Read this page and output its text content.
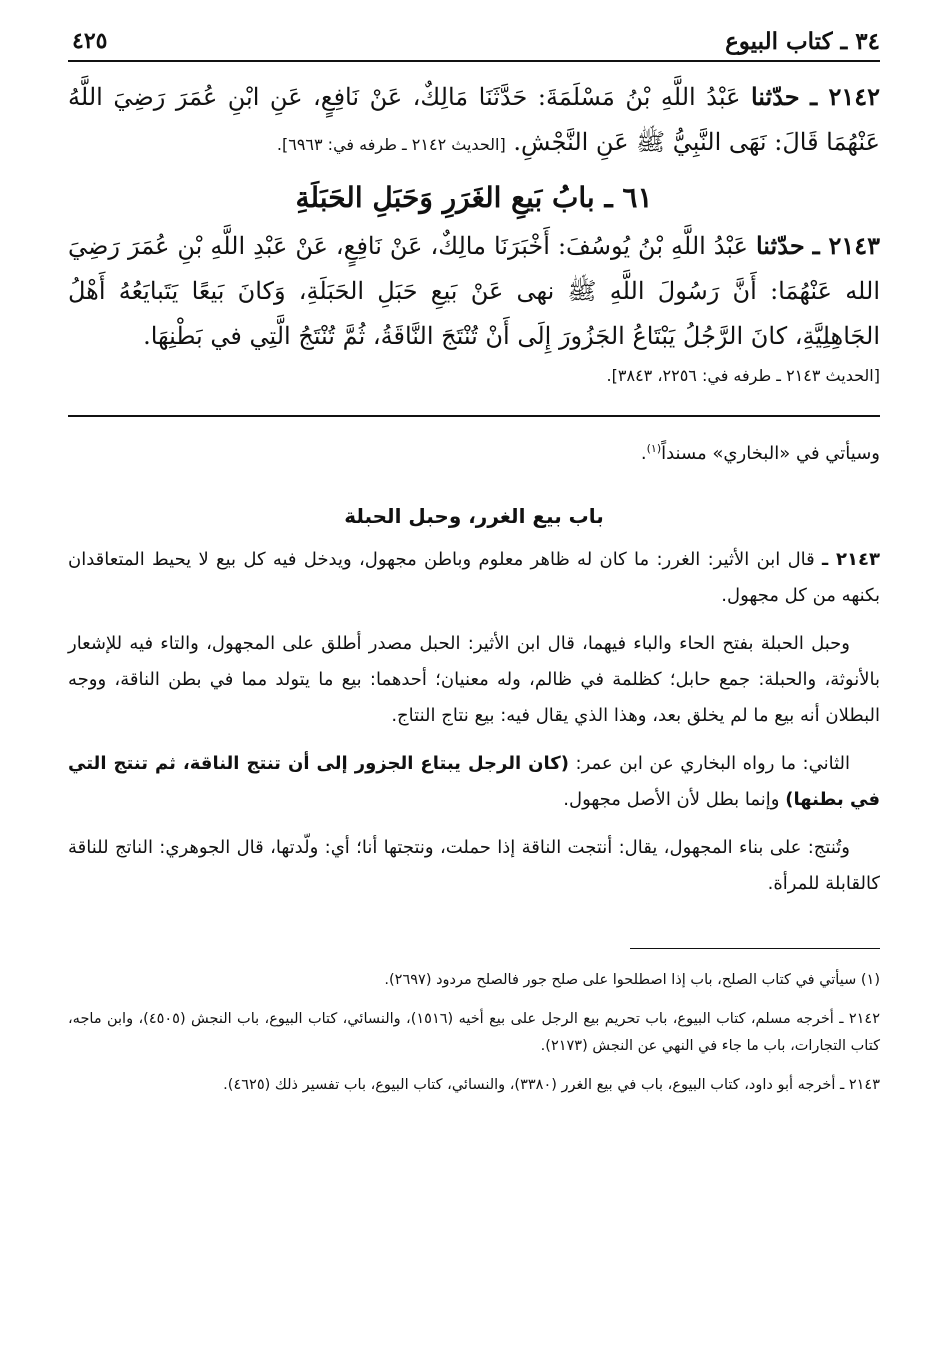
٣٤ ـ كتاب البيوع
٤٢٥

٢١٤٢ ـ حدّثنا عَبْدُ اللَّهِ بْنُ مَسْلَمَةَ: حَدَّثَنَا مَالِكٌ، عَنْ نَافِعٍ، عَنِ ابْنِ عُمَرَ رَضِيَ اللَّهُ عَنْهُمَا قَالَ: نَهَى النَّبِيُّ ﷺ عَنِ النَّجْشِ. [الحديث ٢١٤٢ ـ طرفه في: ٦٩٦٣].

٦١ ـ بابُ بَيعِ الغَرَرِ وَحَبَلِ الحَبَلَةِ

٢١٤٣ ـ حدّثنا عَبْدُ اللَّهِ بْنُ يُوسُفَ: أَخْبَرَنَا مالِكٌ، عَنْ نَافِعٍ، عَنْ عَبْدِ اللَّهِ بْنِ عُمَرَ رَضِيَ الله عَنْهُمَا: أَنَّ رَسُولَ اللَّهِ ﷺ نهى عَنْ بَيعِ حَبَلِ الحَبَلَةِ، وَكانَ بَيعًا يَتَبايَعُهُ أَهْلُ الجَاهِلِيَّةِ، كانَ الرَّجُلُ يَبْتَاعُ الجَزُورَ إِلَى أَنْ تُنْتَجَ النَّاقَةُ، ثُمَّ تُنْتَجُ الَّتِي في بَطْنِهَا.

[الحديث ٢١٤٣ ـ طرفه في: ٢٢٥٦، ٣٨٤٣].

وسيأتي في «البخاري» مسنداً$^{(١)}$.

باب بيع الغرر، وحبل الحبلة

٢١٤٣ ـ قال ابن الأثير: الغرر: ما كان له ظاهر معلوم وباطن مجهول، ويدخل فيه كل بيع لا يحيط المتعاقدان بكنهه من كل مجهول.

وحبل الحبلة بفتح الحاء والباء فيهما، قال ابن الأثير: الحبل مصدر أطلق على المجهول، والتاء فيه للإشعار بالأنوثة، والحبلة: جمع حابل؛ كظلمة في ظالم، وله معنيان؛ أحدهما: بيع ما يتولد مما في بطن الناقة، ووجه البطلان أنه بيع ما لم يخلق بعد، وهذا الذي يقال فيه: بيع نتاج النتاج.

الثاني: ما رواه البخاري عن ابن عمر: (كان الرجل يبتاع الجزور إلى أن تنتج الناقة، ثم تنتج التي في بطنها) وإنما بطل لأن الأصل مجهول.

وتُنتج: على بناء المجهول، يقال: أنتجت الناقة إذا حملت، ونتجتها أنا؛ أي: ولّدتها، قال الجوهري: الناتج للناقة كالقابلة للمرأة.

(١) سيأتي في كتاب الصلح، باب إذا اصطلحوا على صلح جور فالصلح مردود (٢٦٩٧).

٢١٤٢ ـ أخرجه مسلم، كتاب البيوع، باب تحريم بيع الرجل على بيع أخيه (١٥١٦)، والنسائي، كتاب البيوع، باب النجش (٤٥٠٥)، وابن ماجه، كتاب التجارات، باب ما جاء في النهي عن النجش (٢١٧٣).

٢١٤٣ ـ أخرجه أبو داود، كتاب البيوع، باب في بيع الغرر (٣٣٨٠)، والنسائي، كتاب البيوع، باب تفسير ذلك (٤٦٢٥).
